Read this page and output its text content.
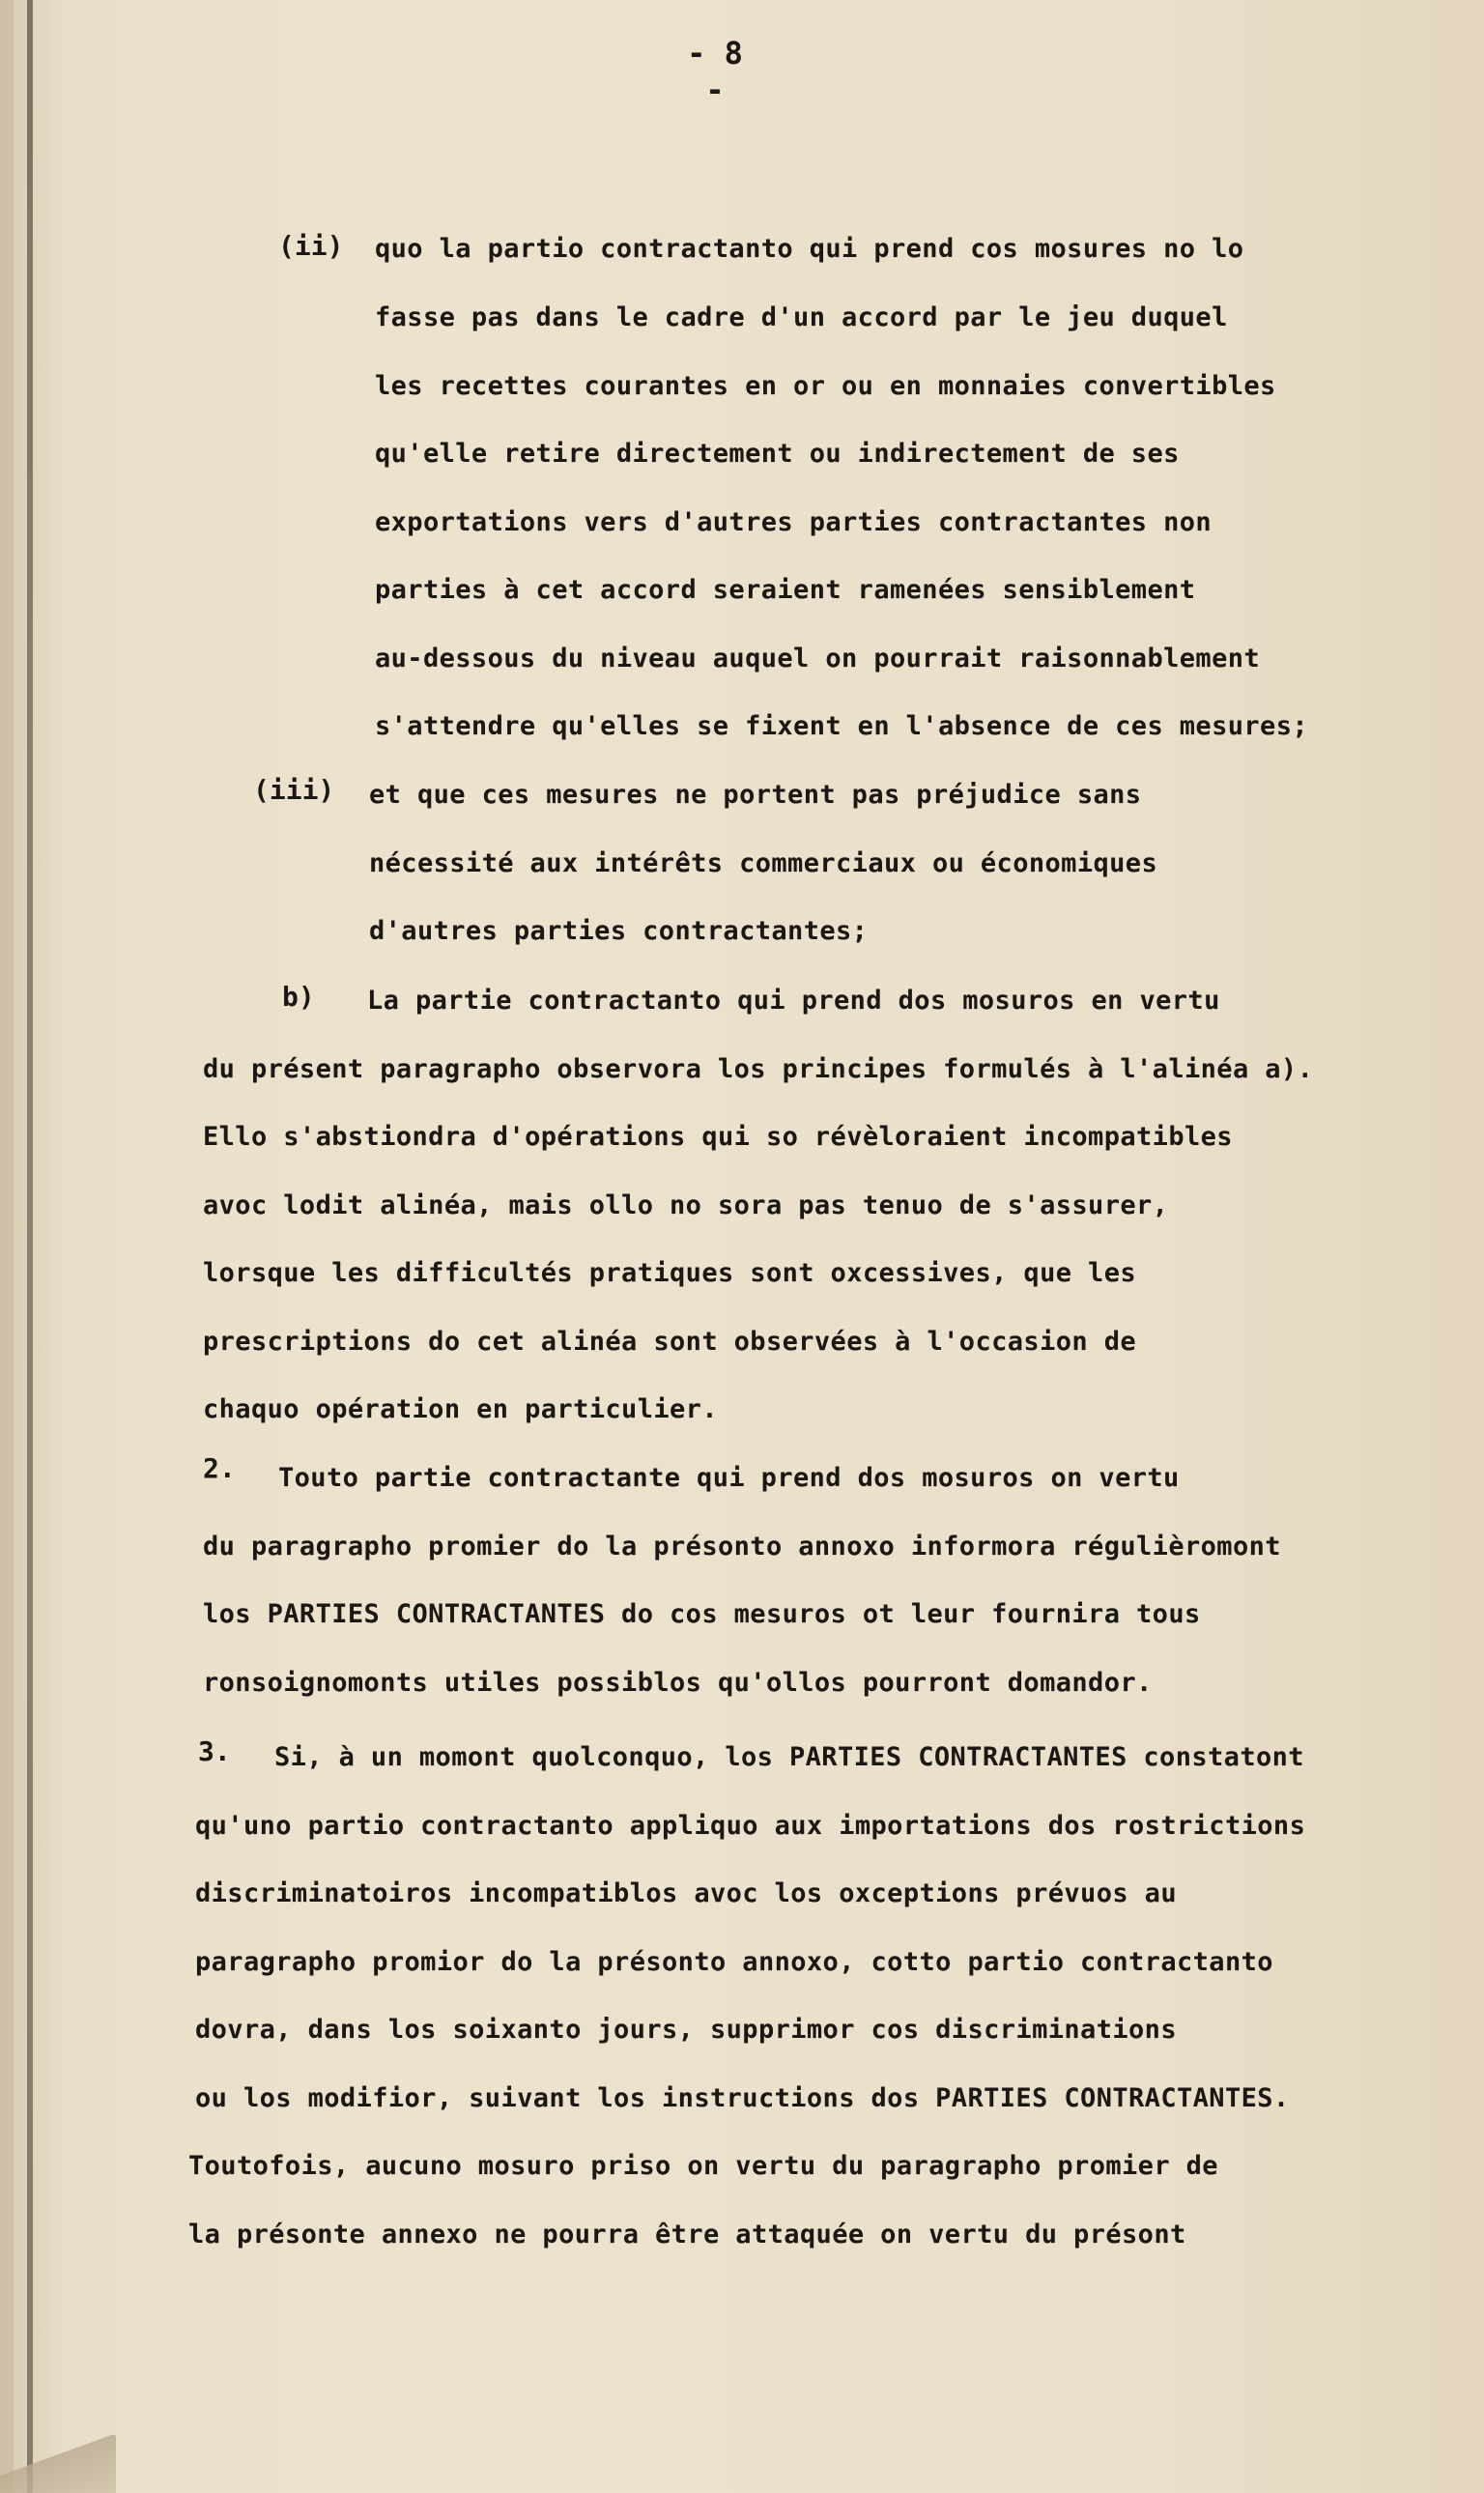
- 8 -
(ii) quo la partio contractanto qui prend cos mosures no lo
fasse pas dans le cadre d'un accord par le jeu duquel
les recettes courantes en or ou en monnaies convertibles
qu'elle retire directement ou indirectement de ses
exportations vers d'autres parties contractantes non
parties à cet accord seraient ramenées sensiblement
au-dessous du niveau auquel on pourrait raisonnablement
s'attendre qu'elles se fixent en l'absence de ces mesures;
(iii) et que ces mesures ne portent pas préjudice sans
nécessité aux intérêts commerciaux ou économiques
d'autres parties contractantes;
b) La partie contractanto qui prend dos mosuros en vertu
du présent paragrapho observora los principes formulés à l'alinéa a).
Ello s'abstiondra d'opérations qui so révèloraient incompatibles
avoc lodit alinéa, mais ollo no sora pas tenuo de s'assurer,
lorsque les difficultés pratiques sont oxcessives, que les
prescriptions do cet alinéa sont observées à l'occasion de
chaquo opération en particulier.
2. Touto partie contractante qui prend dos mosuros on vertu
du paragrapho promier do la présonto annoxo informora régulièromont
los PARTIES CONTRACTANTES do cos mesuros ot leur fournira tous
ronsoignomonts utiles possiblos qu'ollos pourront domandor.
3. Si, à un momont quolconquo, los PARTIES CONTRACTANTES constatont
qu'uno partio contractanto appliquo aux importations dos rostrictions
discriminatoiros incompatiblos avoc los oxceptions prévuos au
paragrapho promior do la présonto annoxo, cotto partio contractanto
dovra, dans los soixanto jours, supprimor cos discriminations
ou los modifior, suivant los instructions dos PARTIES CONTRACTANTES.
Toutofois, aucuno mosuro priso on vertu du paragrapho promier de
la présonte annexo ne pourra être attaquée on vertu du présont
